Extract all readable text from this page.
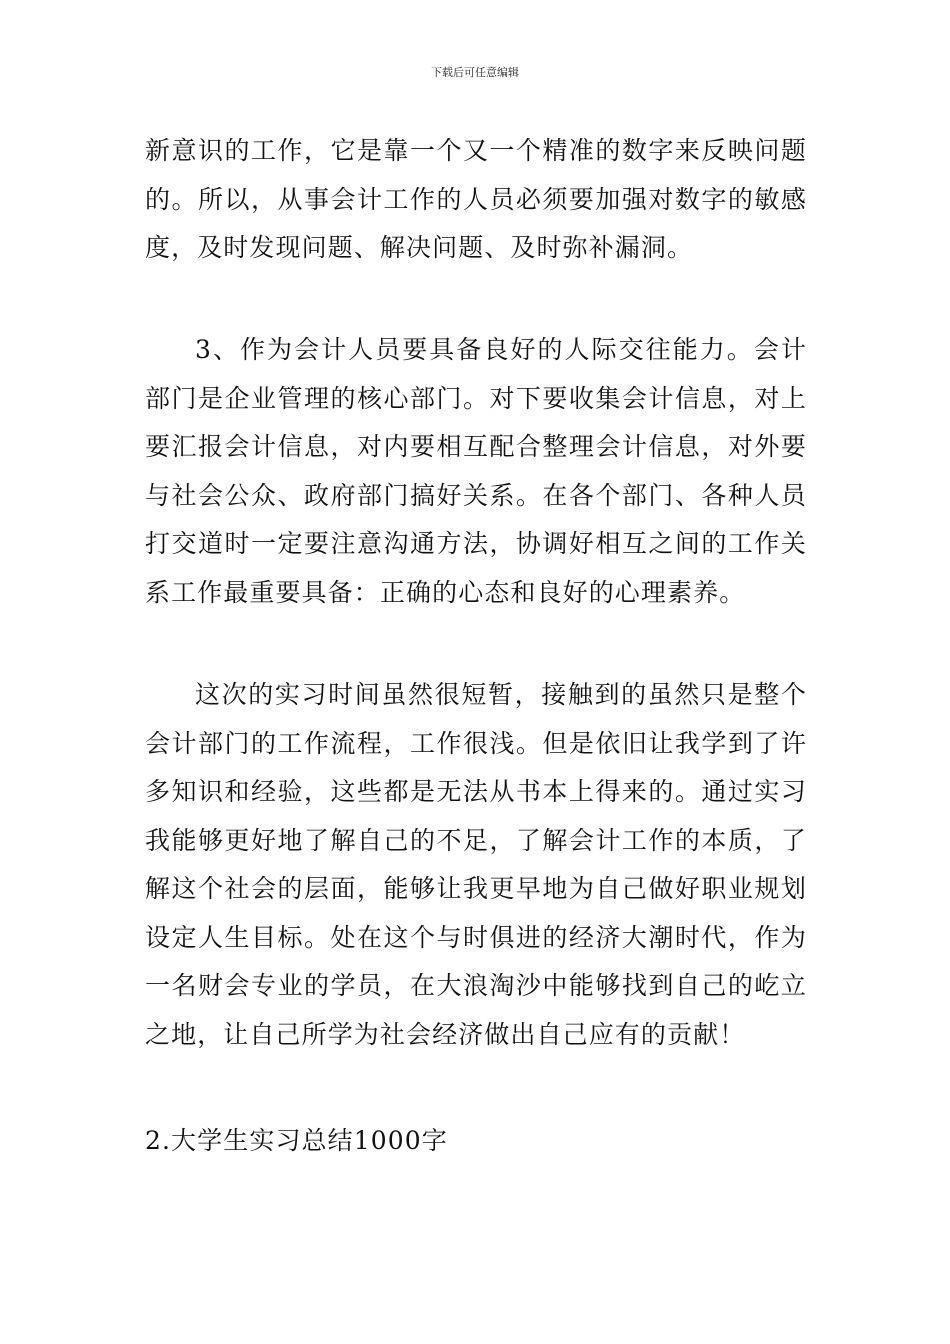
下载后可任意编辑

新意识的工作，它是靠一个又一个精准的数字来反映问题的。所以，从事会计工作的人员必须要加强对数字的敏感度，及时发现问题、解决问题、及时弥补漏洞。

3、作为会计人员要具备良好的人际交往能力。会计部门是企业管理的核心部门。对下要收集会计信息，对上要汇报会计信息，对内要相互配合整理会计信息，对外要与社会公众、政府部门搞好关系。在各个部门、各种人员打交道时一定要注意沟通方法，协调好相互之间的工作关系工作最重要具备：正确的心态和良好的心理素养。

这次的实习时间虽然很短暂，接触到的虽然只是整个会计部门的工作流程，工作很浅。但是依旧让我学到了许多知识和经验，这些都是无法从书本上得来的。通过实习我能够更好地了解自己的不足，了解会计工作的本质，了解这个社会的层面，能够让我更早地为自己做好职业规划设定人生目标。处在这个与时俱进的经济大潮时代，作为一名财会专业的学员，在大浪淘沙中能够找到自己的屹立之地，让自己所学为社会经济做出自己应有的贡献！

2.大学生实习总结1000字
